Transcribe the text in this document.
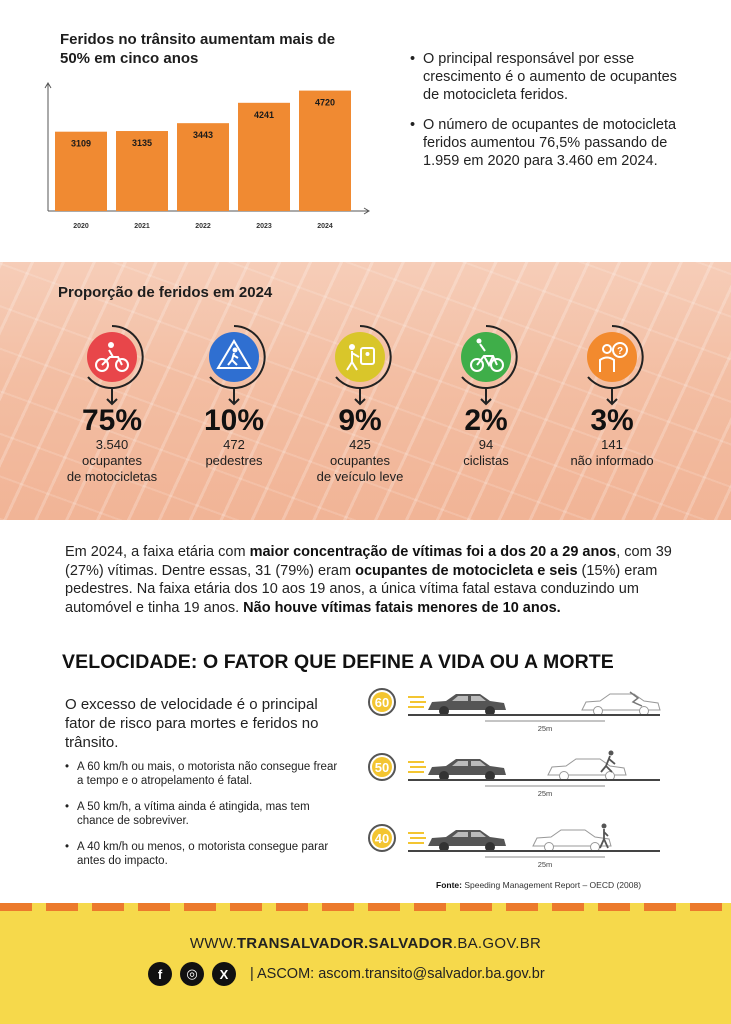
Feridos no trânsito aumentam mais de 50% em cinco anos
3109
2020
3135
2021
3443
2022
4241
2023
4720
2024
• O principal responsável por esse crescimento é o aumento de ocupantes de motocicleta feridos.
• O número de ocupantes de motocicleta feridos aumentou 76,5% passando de 1.959 em 2020 para 3.460 em 2024.
Proporção de feridos em 2024
75%
3.540
ocupantes
de motocicletas
10%
472
pedestres
9%
425
ocupantes
de veículo leve
2%
94
ciclistas
?
3%
141
não informado
Em 2024, a faixa etária com maior concentração de vítimas foi a dos 20 a 29 anos, com 39 (27%) vítimas. Dentre essas, 31 (79%) eram ocupantes de motocicleta e seis (15%) eram pedestres. Na faixa etária dos 10 aos 19 anos, a única vítima fatal estava conduzindo um automóvel e tinha 19 anos. Não houve vítimas fatais menores de 10 anos.
VELOCIDADE: O FATOR QUE DEFINE A VIDA OU A MORTE
O excesso de velocidade é o principal fator de risco para mortes e feridos no trânsito.
• A 60 km/h ou mais, o motorista não consegue frear a tempo e o atropelamento é fatal.
• A 50 km/h, a vítima ainda é atingida, mas tem chance de sobreviver.
• A 40 km/h ou menos, o motorista consegue parar antes do impacto.
60
25m
50
25m
40
25m
Fonte: Speeding Management Report – OECD (2008)
WWW.TRANSALVADOR.SALVADOR.BA.GOV.BR
f	◎	X	| ASCOM: ascom.transito@salvador.ba.gov.br
